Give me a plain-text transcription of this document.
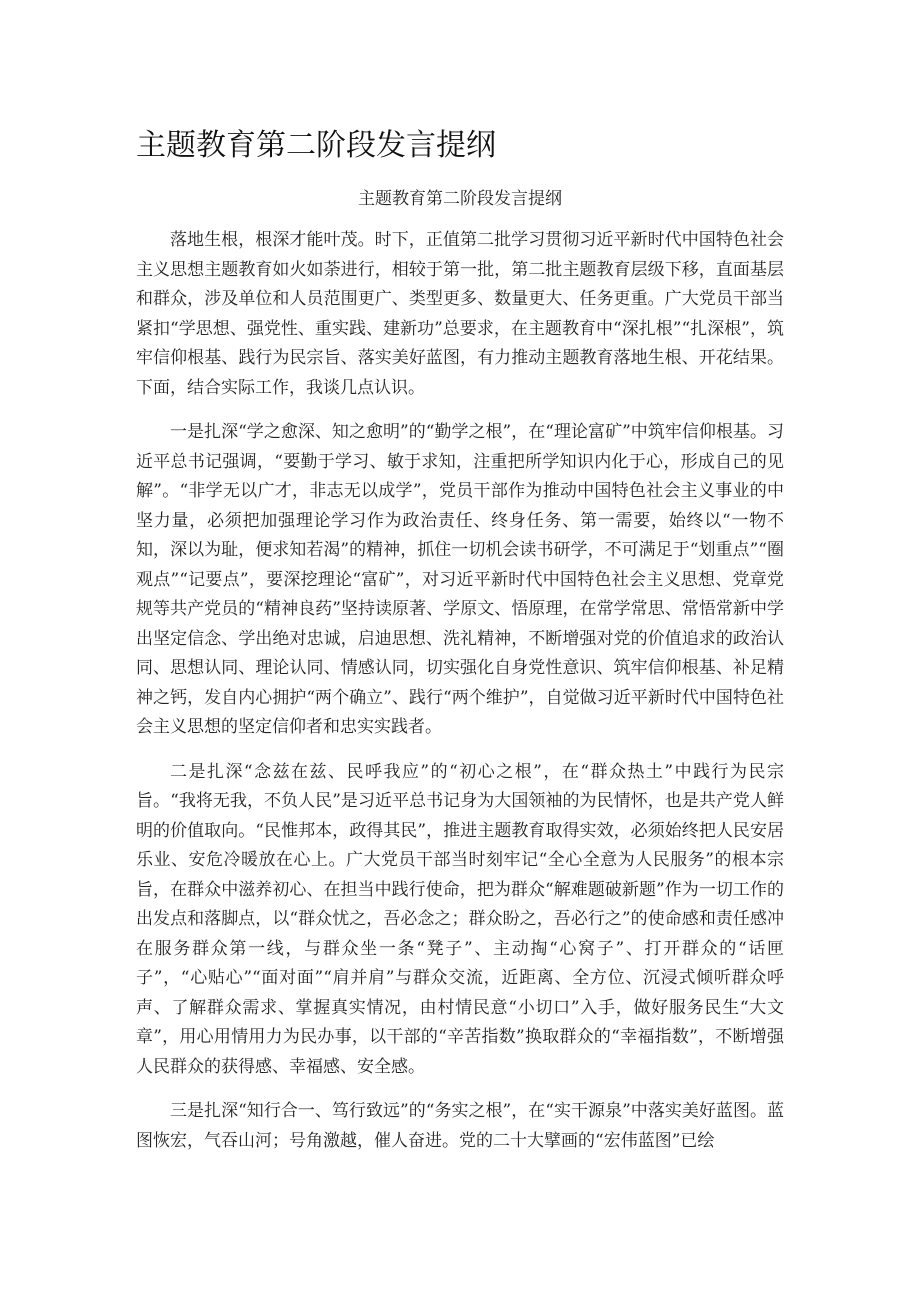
主题教育第二阶段发言提纲
主题教育第二阶段发言提纲

落地生根，根深才能叶茂。时下，正值第二批学习贯彻习近平新时代中国特色社会主义思想主题教育如火如荼进行，相较于第一批，第二批主题教育层级下移，直面基层和群众，涉及单位和人员范围更广、类型更多、数量更大、任务更重。广大党员干部当紧扣“学思想、强党性、重实践、建新功”总要求，在主题教育中“深扎根”“扎深根”，筑牢信仰根基、践行为民宗旨、落实美好蓝图，有力推动主题教育落地生根、开花结果。下面，结合实际工作，我谈几点认识。

一是扎深“学之愈深、知之愈明”的“勤学之根”，在“理论富矿”中筑牢信仰根基。习近平总书记强调，“要勤于学习、敏于求知，注重把所学知识内化于心，形成自己的见解”。“非学无以广才，非志无以成学”，党员干部作为推动中国特色社会主义事业的中坚力量，必须把加强理论学习作为政治责任、终身任务、第一需要，始终以“一物不知，深以为耻，便求知若渴”的精神，抓住一切机会读书研学，不可满足于“划重点”“圈观点”“记要点”，要深挖理论“富矿”，对习近平新时代中国特色社会主义思想、党章党规等共产党员的“精神良药”坚持读原著、学原文、悟原理，在常学常思、常悟常新中学出坚定信念、学出绝对忠诚，启迪思想、洗礼精神，不断增强对党的价值追求的政治认同、思想认同、理论认同、情感认同，切实强化自身党性意识、筑牢信仰根基、补足精神之钙，发自内心拥护“两个确立”、践行“两个维护”，自觉做习近平新时代中国特色社会主义思想的坚定信仰者和忠实实践者。

二是扎深“念兹在兹、民呼我应”的“初心之根”，在“群众热土”中践行为民宗旨。“我将无我，不负人民”是习近平总书记身为大国领袖的为民情怀，也是共产党人鲜明的价值取向。“民惟邦本，政得其民”，推进主题教育取得实效，必须始终把人民安居乐业、安危冷暖放在心上。广大党员干部当时刻牢记“全心全意为人民服务”的根本宗旨，在群众中滋养初心、在担当中践行使命，把为群众“解难题破新题”作为一切工作的出发点和落脚点，以“群众忧之，吾必念之；群众盼之，吾必行之”的使命感和责任感冲在服务群众第一线，与群众坐一条“凳子”、主动掏“心窝子”、打开群众的“话匣子”，“心贴心”“面对面”“肩并肩”与群众交流，近距离、全方位、沉浸式倾听群众呼声、了解群众需求、掌握真实情况，由村情民意“小切口”入手，做好服务民生“大文章”，用心用情用力为民办事，以干部的“辛苦指数”换取群众的“幸福指数”，不断增强人民群众的获得感、幸福感、安全感。

三是扎深“知行合一、笃行致远”的“务实之根”，在“实干源泉”中落实美好蓝图。蓝图恢宏，气吞山河；号角激越，催人奋进。党的二十大擘画的“宏伟蓝图”已绘
